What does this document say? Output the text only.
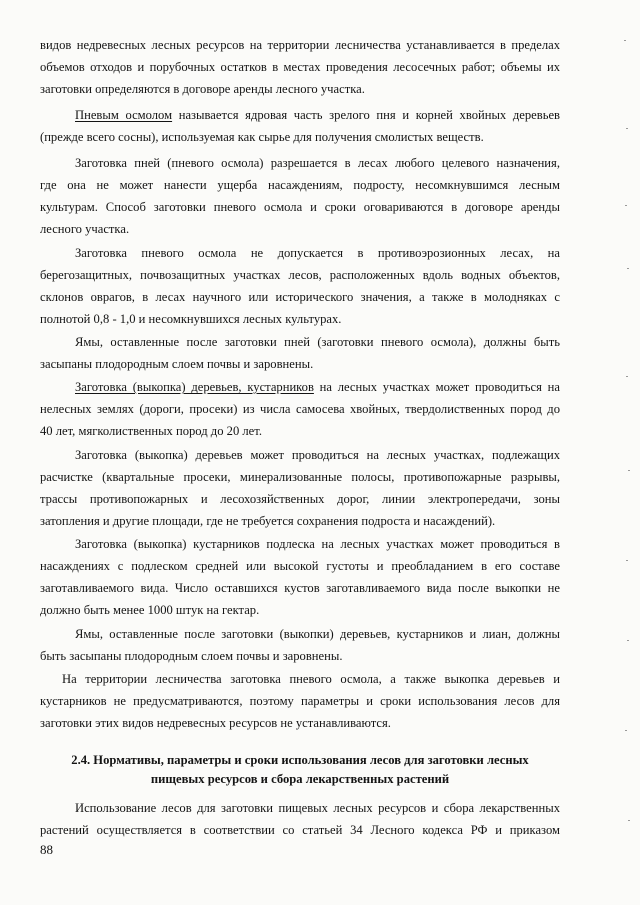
видов недревесных лесных ресурсов на территории лесничества устанавливается в пределах

объемов отходов и порубочных остатков в местах проведения лесосечных работ; объемы их

заготовки определяются в договоре аренды лесного участка.

Пневым осмолом называется ядровая часть зрелого пня и корней хвойных деревьев

(прежде всего сосны), используемая как сырье для получения смолистых веществ.

Заготовка пней (пневого осмола) разрешается в лесах любого целевого назначения,

где она не может нанести ущерба насаждениям, подросту, несомкнувшимся лесным

культурам. Способ заготовки пневого осмола и сроки оговариваются в договоре аренды

лесного участка.

Заготовка пневого осмола не допускается в противоэрозионных лесах, на

берегозащитных, почвозащитных участках лесов, расположенных вдоль водных объектов,

склонов оврагов, в лесах научного или исторического значения, а также в молодняках с

полнотой 0,8 - 1,0 и несомкнувшихся лесных культурах.

Ямы, оставленные после заготовки пней (заготовки пневого осмола), должны быть

засыпаны плодородным слоем почвы и заровнены.

Заготовка (выкопка) деревьев, кустарников на лесных участках может проводиться на

нелесных землях (дороги, просеки) из числа самосева хвойных, твердолиственных пород до

40 лет, мягколиственных пород до 20 лет.

Заготовка (выкопка) деревьев может проводиться на лесных участках, подлежащих

расчистке (квартальные просеки, минерализованные полосы, противопожарные разрывы,

трассы противопожарных и лесохозяйственных дорог, линии электропередачи, зоны

затопления и другие площади, где не требуется сохранения подроста и насаждений).

Заготовка (выкопка) кустарников подлеска на лесных участках может проводиться в

насаждениях с подлеском средней или высокой густоты и преобладанием в его составе

заготавливаемого вида. Число оставшихся кустов заготавливаемого вида после выкопки не

должно быть менее 1000 штук на гектар.

Ямы, оставленные после заготовки (выкопки) деревьев, кустарников и лиан, должны

быть засыпаны плодородным слоем почвы и заровнены.

На территории лесничества заготовка пневого осмола, а также выкопка деревьев и

кустарников не предусматриваются, поэтому параметры и сроки использования лесов для

заготовки этих видов недревесных ресурсов не устанавливаются.

2.4. Нормативы, параметры и сроки использования лесов для заготовки лесных

пищевых ресурсов и сбора лекарственных растений

Использование лесов для заготовки пищевых лесных ресурсов и сбора лекарственных

растений осуществляется в соответствии со статьей 34 Лесного кодекса РФ и приказом

88
